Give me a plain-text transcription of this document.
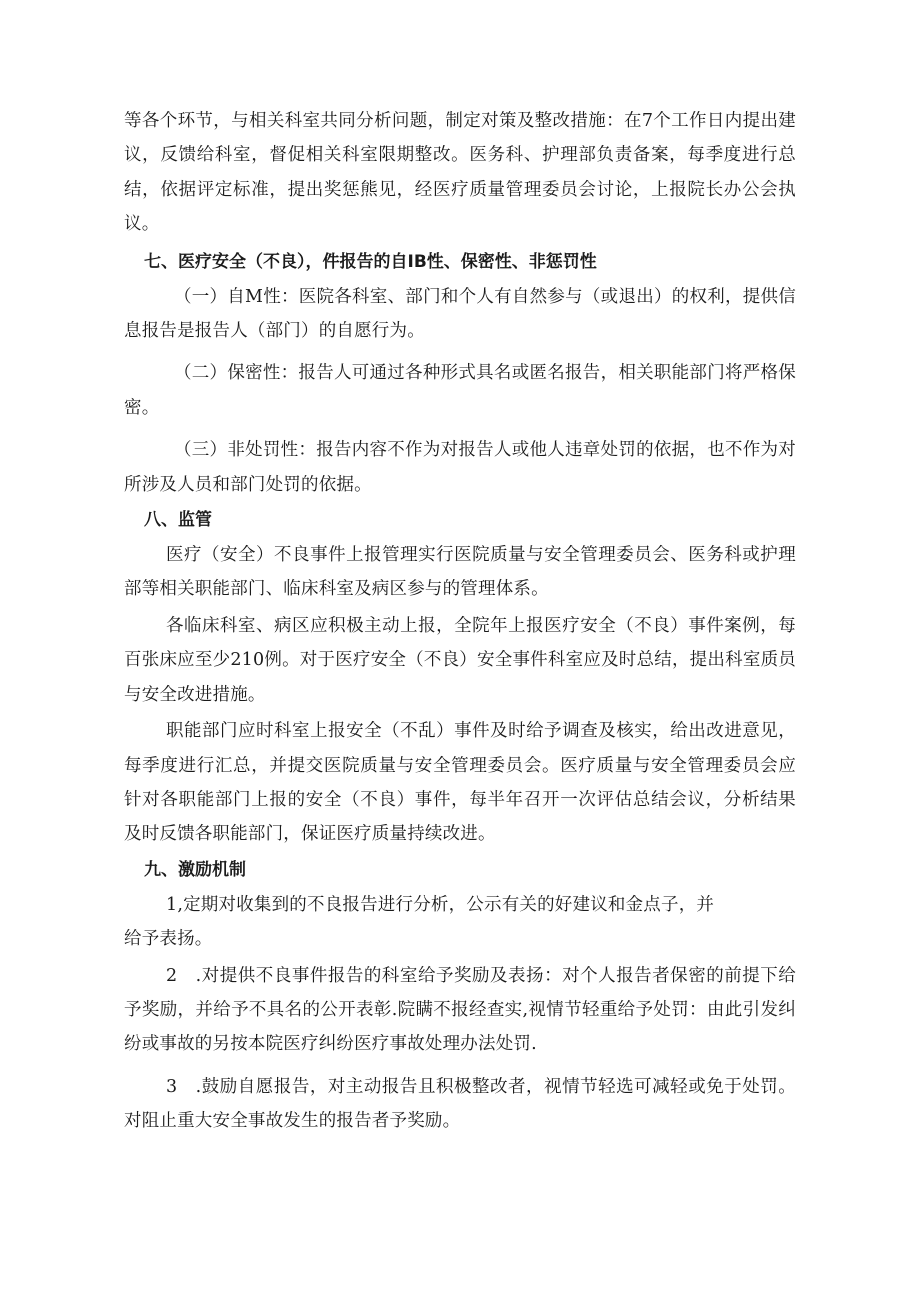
等各个环节，与相关科室共同分析问题，制定对策及整改措施：在7个工作日内提出建议，反馈给科室，督促相关科室限期整改。医务科、护理部负责备案，每季度进行总结，依据评定标准，提出奖惩熊见，经医疗质量管理委员会讨论，上报院长办公会执议。

七、医疗安全（不良），件报告的自IB性、保密性、非惩罚性

（一）自M性：医院各科室、部门和个人有自然参与（或退出）的权利，提供信息报告是报告人（部门）的自愿行为。

（二）保密性：报告人可通过各种形式具名或匿名报告，相关职能部门将严格保密。

（三）非处罚性：报告内容不作为对报告人或他人违章处罚的依据，也不作为对所涉及人员和部门处罚的依据。

八、监管

医疗（安全）不良事件上报管理实行医院质量与安全管理委员会、医务科或护理部等相关职能部门、临床科室及病区参与的管理体系。

各临床科室、病区应积极主动上报，全院年上报医疗安全（不良）事件案例，每百张床应至少210例。对于医疗安全（不良）安全事件科室应及时总结，提出科室质员与安全改进措施。

职能部门应时科室上报安全（不乱）事件及时给予调查及核实，给出改进意见，每季度进行汇总，并提交医院质量与安全管理委员会。医疗质量与安全管理委员会应针对各职能部门上报的安全（不良）事件，每半年召开一次评估总结会议，分析结果及时反馈各职能部门，保证医疗质量持续改进。

九、激励机制

1,定期对收集到的不良报告进行分析，公示有关的好建议和金点子，并

给予表扬。

2　.对提供不良事件报告的科室给予奖励及表扬：对个人报告者保密的前提下给予奖励，并给予不具名的公开表彰.院瞒不报经查实,视情节轻重给予处罚：由此引发纠纷或事故的另按本院医疗纠纷医疗事故处理办法处罚.

3　.鼓励自愿报告，对主动报告且积极整改者，视情节轻选可减轻或免于处罚。对阻止重大安全事故发生的报告者予奖励。
